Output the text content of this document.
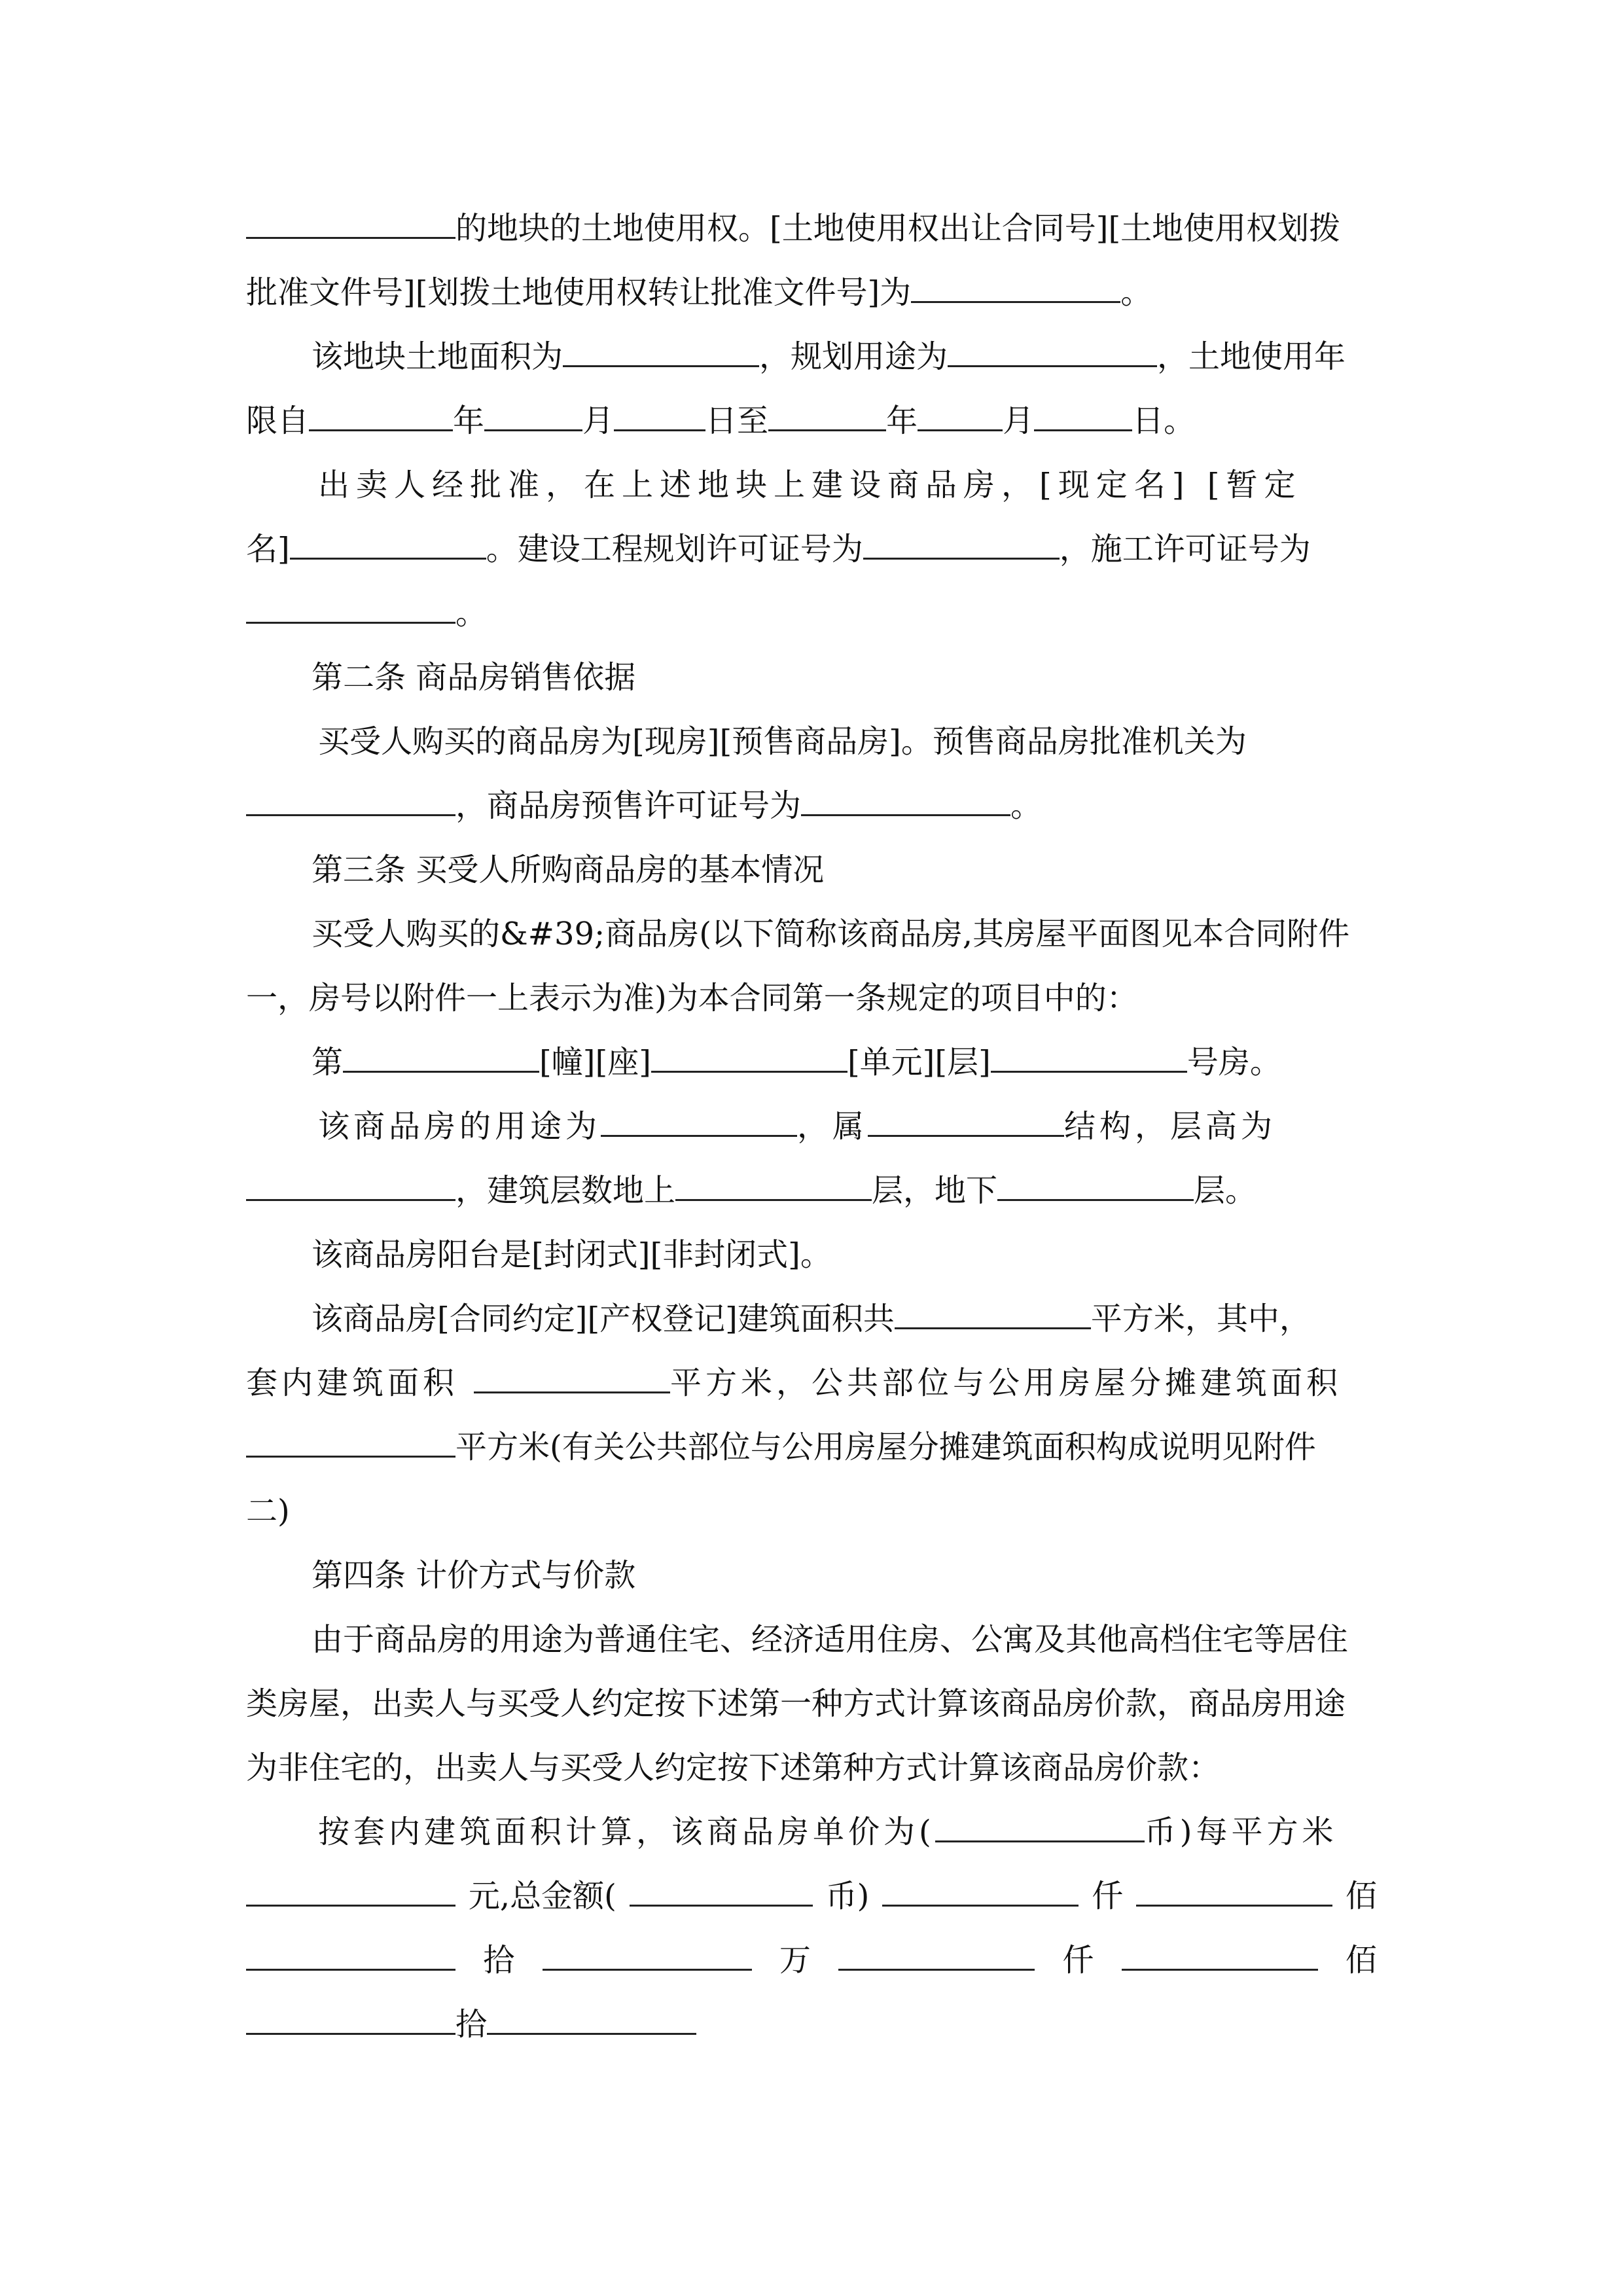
的地块的土地使用权。[土地使用权出让合同号][土地使用权划拨
批准文件号][划拨土地使用权转让批准文件号]为	。
该地块土地面积为	，规划用途为	，土地使用年
限自	年	月	日至	年	月	日。
出卖人经批准，在上述地块上建设商品房，[现定名] [暂定
名]	。建设工程规划许可证号为	，施工许可证号为
。
第二条 商品房销售依据
买受人购买的商品房为[现房][预售商品房]。预售商品房批准机关为
，商品房预售许可证号为	。
第三条 买受人所购商品房的基本情况
买受人购买的&#39;商品房(以下简称该商品房,其房屋平面图见本合同附件
一，房号以附件一上表示为准)为本合同第一条规定的项目中的：
第	[幢][座]	[单元][层]	号房。
该商品房的用途为	，属	结构，层高为
，建筑层数地上	层，地下	层。
该商品房阳台是[封闭式][非封闭式]。
该商品房[合同约定][产权登记]建筑面积共	平方米，其中，
套内建筑面积	平方米，公共部位与公用房屋分摊建筑面积
平方米(有关公共部位与公用房屋分摊建筑面积构成说明见附件
二)
第四条 计价方式与价款
由于商品房的用途为普通住宅、经济适用住房、公寓及其他高档住宅等居住
类房屋，出卖人与买受人约定按下述第一种方式计算该商品房价款，商品房用途
为非住宅的，出卖人与买受人约定按下述第种方式计算该商品房价款：
按套内建筑面积计算，该商品房单价为(	币)每平方米
元,总金额(	币)	仟	佰
拾	万	仟	佰
拾
